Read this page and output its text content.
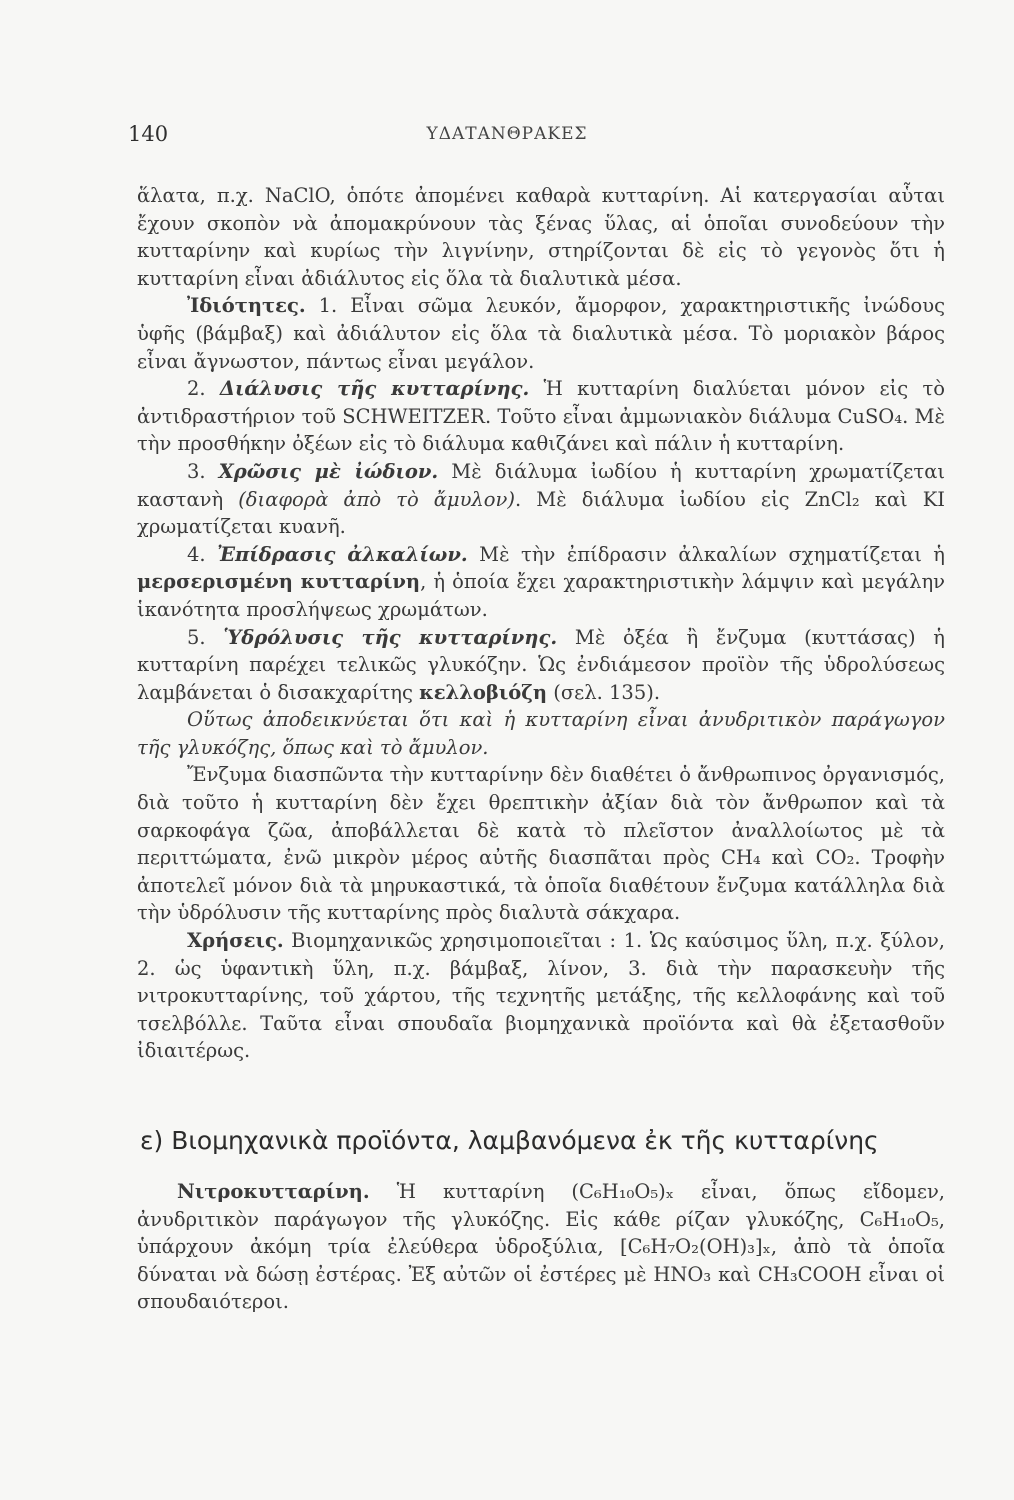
140	ΥΔΑΤΑΝΘΡΑΚΕΣ

ἅλατα, π.χ. NaClO, ὁπότε ἀπομένει καθαρὰ κυτταρίνη. Αἱ κατεργασίαι αὗται ἔχουν σκοπὸν νὰ ἀπομακρύνουν τὰς ξένας ὕλας, αἱ ὁποῖαι συνοδεύουν τὴν κυτταρίνην καὶ κυρίως τὴν λιγνίνην, στηρίζονται δὲ εἰς τὸ γεγονὸς ὅτι ἡ κυτταρίνη εἶναι ἀδιάλυτος εἰς ὅλα τὰ διαλυτικὰ μέσα.

Ἰδιότητες. 1. Εἶναι σῶμα λευκόν, ἄμορφον, χαρακτηριστικῆς ἰνώδους ὑφῆς (βάμβαξ) καὶ ἀδιάλυτον εἰς ὅλα τὰ διαλυτικὰ μέσα. Τὸ μοριακὸν βάρος εἶναι ἄγνωστον, πάντως εἶναι μεγάλον.

2. Διάλυσις τῆς κυτταρίνης. Ἡ κυτταρίνη διαλύεται μόνον εἰς τὸ ἀντιδραστήριον τοῦ SCHWEITZER. Τοῦτο εἶναι ἀμμωνιακὸν διάλυμα CuSO₄. Μὲ τὴν προσθήκην ὀξέων εἰς τὸ διάλυμα καθιζάνει καὶ πάλιν ἡ κυτταρίνη.

3. Χρῶσις μὲ ἰώδιον. Μὲ διάλυμα ἰωδίου ἡ κυτταρίνη χρωματίζεται καστανὴ (διαφορὰ ἀπὸ τὸ ἄμυλον). Μὲ διάλυμα ἰωδίου εἰς ZnCl₂ καὶ KI χρωματίζεται κυανῆ.

4. Ἐπίδρασις ἀλκαλίων. Μὲ τὴν ἐπίδρασιν ἀλκαλίων σχηματίζεται ἡ μερσερισμένη κυτταρίνη, ἡ ὁποία ἔχει χαρακτηριστικὴν λάμψιν καὶ μεγάλην ἱκανότητα προσλήψεως χρωμάτων.

5. Ὑδρόλυσις τῆς κυτταρίνης. Μὲ ὀξέα ἢ ἔνζυμα (κυττάσας) ἡ κυτταρίνη παρέχει τελικῶς γλυκόζην. Ὡς ἐνδιάμεσον προϊὸν τῆς ὑδρολύσεως λαμβάνεται ὁ δισακχαρίτης κελλοβιόζη (σελ. 135).

Οὕτως ἀποδεικνύεται ὅτι καὶ ἡ κυτταρίνη εἶναι ἀνυδριτικὸν παράγωγον τῆς γλυκόζης, ὅπως καὶ τὸ ἄμυλον.

Ἔνζυμα διασπῶντα τὴν κυτταρίνην δὲν διαθέτει ὁ ἄνθρωπινος ὀργανισμός, διὰ τοῦτο ἡ κυτταρίνη δὲν ἔχει θρεπτικὴν ἀξίαν διὰ τὸν ἄνθρωπον καὶ τὰ σαρκοφάγα ζῶα, ἀποβάλλεται δὲ κατὰ τὸ πλεῖστον ἀναλλοίωτος μὲ τὰ περιττώματα, ἐνῶ μικρὸν μέρος αὐτῆς διασπᾶται πρὸς CH₄ καὶ CO₂. Τροφὴν ἀποτελεῖ μόνον διὰ τὰ μηρυκαστικά, τὰ ὁποῖα διαθέτουν ἔνζυμα κατάλληλα διὰ τὴν ὑδρόλυσιν τῆς κυτταρίνης πρὸς διαλυτὰ σάκχαρα.

Χρήσεις. Βιομηχανικῶς χρησιμοποιεῖται : 1. Ὡς καύσιμος ὕλη, π.χ. ξύλον, 2. ὡς ὑφαντικὴ ὕλη, π.χ. βάμβαξ, λίνον, 3. διὰ τὴν παρασκευὴν τῆς νιτροκυτταρίνης, τοῦ χάρτου, τῆς τεχνητῆς μετάξης, τῆς κελλοφάνης καὶ τοῦ τσελβόλλε. Ταῦτα εἶναι σπουδαῖα βιομηχανικὰ προϊόντα καὶ θὰ ἐξετασθοῦν ἰδιαιτέρως.

ε) Βιομηχανικὰ προϊόντα, λαμβανόμενα ἐκ τῆς κυτταρίνης

Νιτροκυτταρίνη. Ἡ κυτταρίνη (C₆H₁₀O₅)ₓ εἶναι, ὅπως εἴδομεν, ἀνυδριτικὸν παράγωγον τῆς γλυκόζης. Εἰς κάθε ρίζαν γλυκόζης, C₆H₁₀O₅, ὑπάρχουν ἀκόμη τρία ἐλεύθερα ὑδροξύλια, [C₆H₇O₂(OH)₃]ₓ, ἀπὸ τὰ ὁποῖα δύναται νὰ δώσῃ ἐστέρας. Ἐξ αὐτῶν οἱ ἐστέρες μὲ HNO₃ καὶ CH₃COOH εἶναι οἱ σπουδαιότεροι.
